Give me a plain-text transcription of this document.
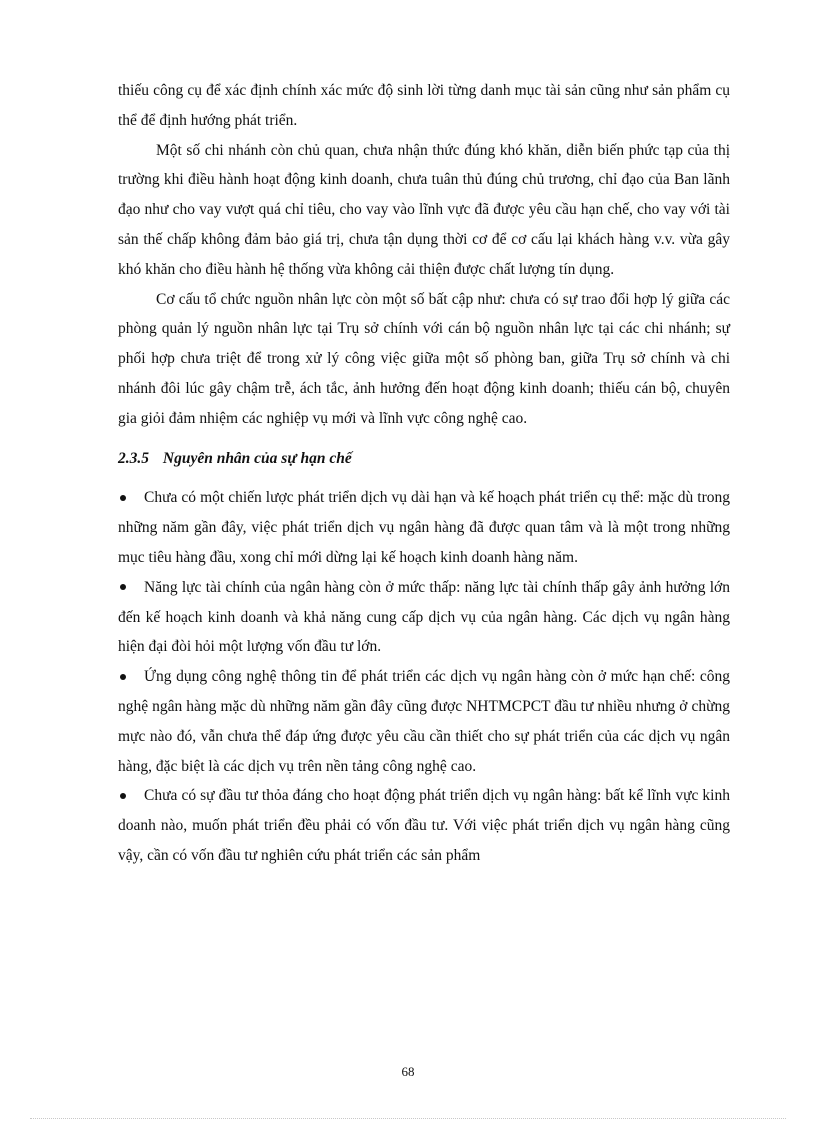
thiếu công cụ để xác định chính xác mức độ sinh lời từng danh mục tài sản cũng như sản phẩm cụ thể để định hướng phát triển.

Một số chi nhánh còn chủ quan, chưa nhận thức đúng khó khăn, diễn biến phức tạp của thị trường khi điều hành hoạt động kinh doanh, chưa tuân thủ đúng chủ trương, chỉ đạo của Ban lãnh đạo như cho vay vượt quá chỉ tiêu, cho vay vào lĩnh vực đã được yêu cầu hạn chế, cho vay với tài sản thế chấp không đảm bảo giá trị, chưa tận dụng thời cơ để cơ cấu lại khách hàng v.v. vừa gây khó khăn cho điều hành hệ thống vừa không cải thiện được chất lượng tín dụng.

Cơ cấu tổ chức nguồn nhân lực còn một số bất cập như: chưa có sự trao đổi hợp lý giữa các phòng quản lý nguồn nhân lực tại Trụ sở chính với cán bộ nguồn nhân lực tại các chi nhánh; sự phối hợp chưa triệt để trong xử lý công việc giữa một số phòng ban, giữa Trụ sở chính và chi nhánh đôi lúc gây chậm trễ, ách tắc, ảnh hưởng đến hoạt động kinh doanh; thiếu cán bộ, chuyên gia giỏi đảm nhiệm các nghiệp vụ mới và lĩnh vực công nghệ cao.

2.3.5 Nguyên nhân của sự hạn chế

Chưa có một chiến lược phát triển dịch vụ dài hạn và kế hoạch phát triển cụ thể: mặc dù trong những năm gần đây, việc phát triển dịch vụ ngân hàng đã được quan tâm và là một trong những mục tiêu hàng đầu, xong chỉ mới dừng lại kế hoạch kinh doanh hàng năm.

Năng lực tài chính của ngân hàng còn ở mức thấp: năng lực tài chính thấp gây ảnh hưởng lớn đến kế hoạch kinh doanh và khả năng cung cấp dịch vụ của ngân hàng. Các dịch vụ ngân hàng hiện đại đòi hỏi một lượng vốn đầu tư lớn.

Ứng dụng công nghệ thông tin để phát triển các dịch vụ ngân hàng còn ở mức hạn chế: công nghệ ngân hàng mặc dù những năm gần đây cũng được NHTMCPCT đầu tư nhiều nhưng ở chừng mực nào đó, vẫn chưa thể đáp ứng được yêu cầu cần thiết cho sự phát triển của các dịch vụ ngân hàng, đặc biệt là các dịch vụ trên nền tảng công nghệ cao.

Chưa có sự đầu tư thỏa đáng cho hoạt động phát triển dịch vụ ngân hàng: bất kể lĩnh vực kinh doanh nào, muốn phát triển đều phải có vốn đầu tư. Với việc phát triển dịch vụ ngân hàng cũng vậy, cần có vốn đầu tư nghiên cứu phát triển các sản phẩm

68
